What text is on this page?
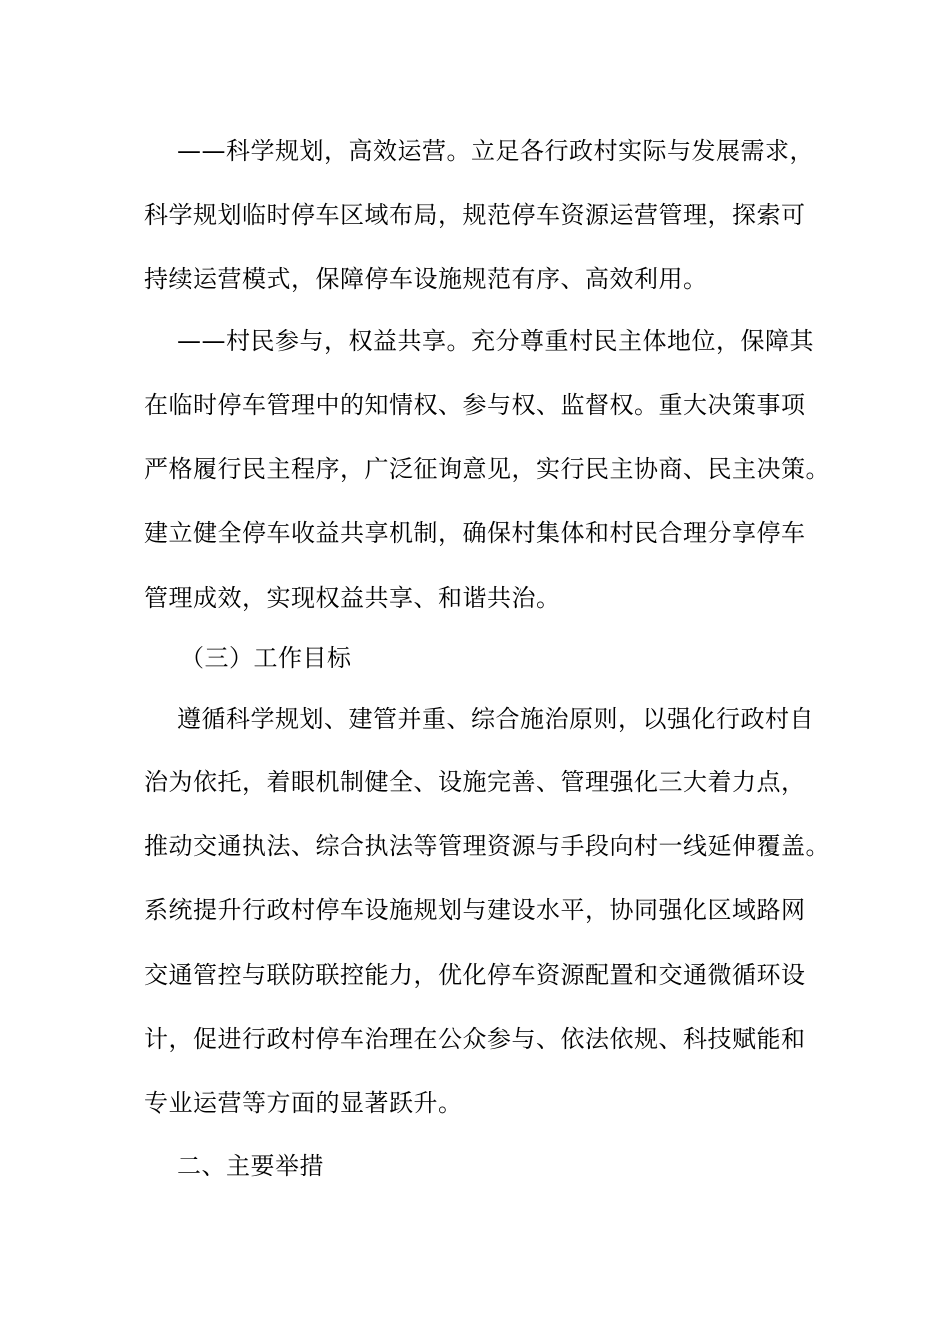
——科学规划，高效运营。立足各行政村实际与发展需求，
科学规划临时停车区域布局，规范停车资源运营管理，探索可
持续运营模式，保障停车设施规范有序、高效利用。
——村民参与，权益共享。充分尊重村民主体地位，保障其
在临时停车管理中的知情权、参与权、监督权。重大决策事项
严格履行民主程序，广泛征询意见，实行民主协商、民主决策。
建立健全停车收益共享机制，确保村集体和村民合理分享停车
管理成效，实现权益共享、和谐共治。
（三）工作目标
遵循科学规划、建管并重、综合施治原则，以强化行政村自
治为依托，着眼机制健全、设施完善、管理强化三大着力点，
推动交通执法、综合执法等管理资源与手段向村一线延伸覆盖。
系统提升行政村停车设施规划与建设水平，协同强化区域路网
交通管控与联防联控能力，优化停车资源配置和交通微循环设
计，促进行政村停车治理在公众参与、依法依规、科技赋能和
专业运营等方面的显著跃升。
二、主要举措
